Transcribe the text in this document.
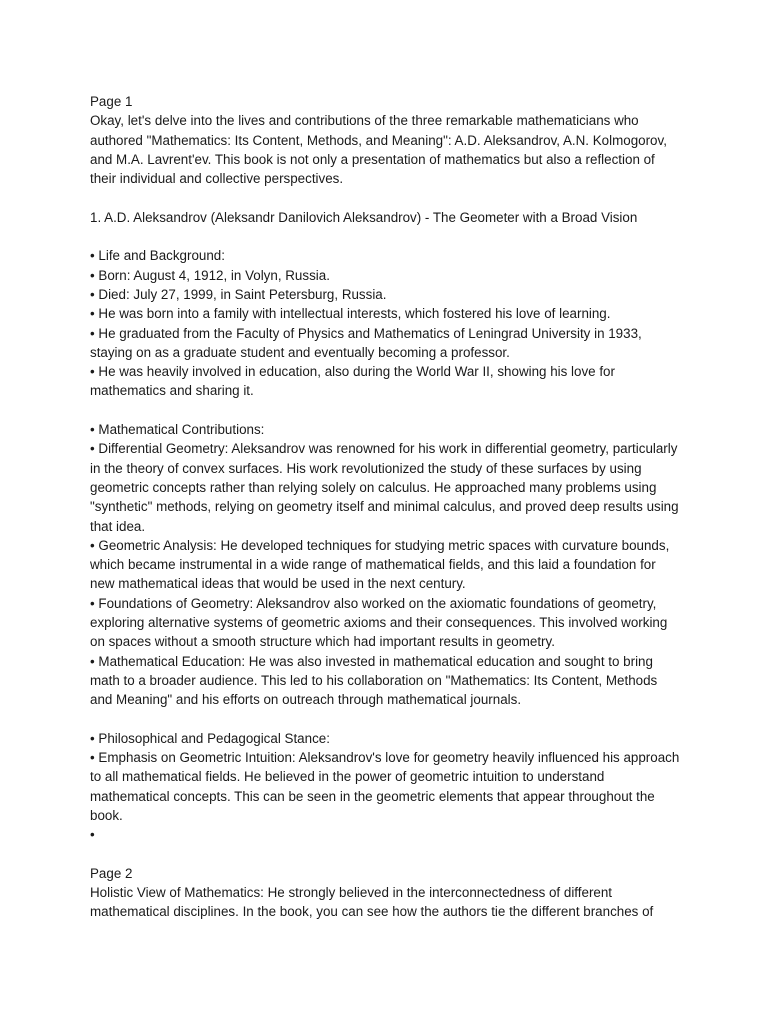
Page 1

Okay, let's delve into the lives and contributions of the three remarkable mathematicians who authored "Mathematics: Its Content, Methods, and Meaning": A.D. Aleksandrov, A.N. Kolmogorov, and M.A. Lavrent'ev. This book is not only a presentation of mathematics but also a reflection of their individual and collective perspectives.

1. A.D. Aleksandrov (Aleksandr Danilovich Aleksandrov) - The Geometer with a Broad Vision

• Life and Background:

• Born: August 4, 1912, in Volyn, Russia.

• Died: July 27, 1999, in Saint Petersburg, Russia.

• He was born into a family with intellectual interests, which fostered his love of learning.

• He graduated from the Faculty of Physics and Mathematics of Leningrad University in 1933, staying on as a graduate student and eventually becoming a professor.

• He was heavily involved in education, also during the World War II, showing his love for mathematics and sharing it.

• Mathematical Contributions:

• Differential Geometry: Aleksandrov was renowned for his work in differential geometry, particularly in the theory of convex surfaces. His work revolutionized the study of these surfaces by using geometric concepts rather than relying solely on calculus. He approached many problems using "synthetic" methods, relying on geometry itself and minimal calculus, and proved deep results using that idea.

• Geometric Analysis: He developed techniques for studying metric spaces with curvature bounds, which became instrumental in a wide range of mathematical fields, and this laid a foundation for new mathematical ideas that would be used in the next century.

• Foundations of Geometry: Aleksandrov also worked on the axiomatic foundations of geometry, exploring alternative systems of geometric axioms and their consequences. This involved working on spaces without a smooth structure which had important results in geometry.

• Mathematical Education: He was also invested in mathematical education and sought to bring math to a broader audience. This led to his collaboration on "Mathematics: Its Content, Methods and Meaning" and his efforts on outreach through mathematical journals.

• Philosophical and Pedagogical Stance:

• Emphasis on Geometric Intuition: Aleksandrov's love for geometry heavily influenced his approach to all mathematical fields. He believed in the power of geometric intuition to understand mathematical concepts. This can be seen in the geometric elements that appear throughout the book.

•

Page 2

Holistic View of Mathematics: He strongly believed in the interconnectedness of different mathematical disciplines. In the book, you can see how the authors tie the different branches of
